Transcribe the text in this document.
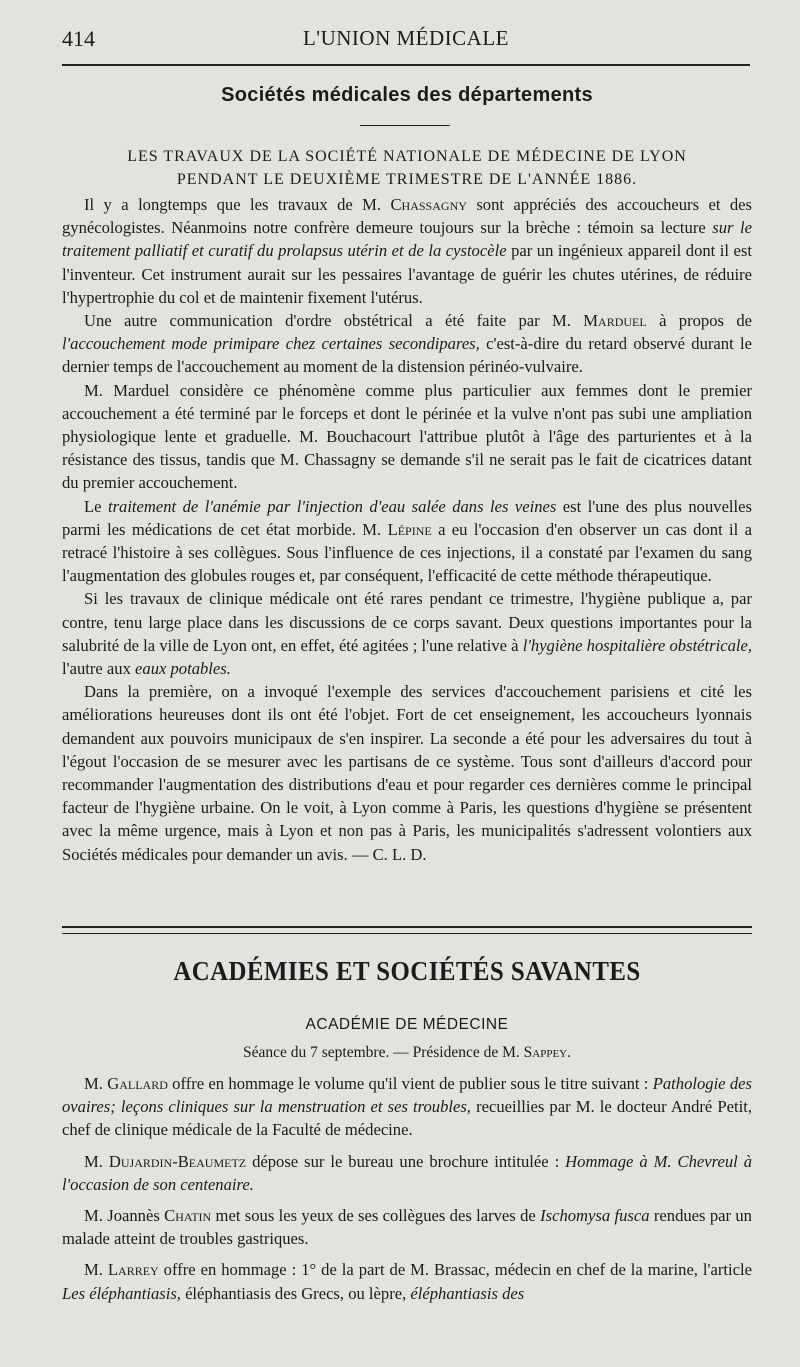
414	L'UNION MÉDICALE
Sociétés médicales des départements
LES TRAVAUX DE LA SOCIÉTÉ NATIONALE DE MÉDECINE DE LYON
PENDANT LE DEUXIÈME TRIMESTRE DE L'ANNÉE 1886.

Il y a longtemps que les travaux de M. Chassagny sont appréciés des accoucheurs et des gynécologistes. Néanmoins notre confrère demeure toujours sur la brèche : témoin sa lecture sur le traitement palliatif et curatif du prolapsus utérin et de la cystocèle par un ingénieux appareil dont il est l'inventeur. Cet instrument aurait sur les pessaires l'avantage de guérir les chutes utérines, de réduire l'hypertrophie du col et de maintenir fixement l'utérus.

Une autre communication d'ordre obstétrical a été faite par M. Marduel à propos de l'accouchement mode primipare chez certaines secondipares, c'est-à-dire du retard observé durant le dernier temps de l'accouchement au moment de la distension périnéo-vulvaire.

M. Marduel considère ce phénomène comme plus particulier aux femmes dont le premier accouchement a été terminé par le forceps et dont le périnée et la vulve n'ont pas subi une ampliation physiologique lente et graduelle. M. Bouchacourt l'attribue plutôt à l'âge des parturientes et à la résistance des tissus, tandis que M. Chassagny se demande s'il ne serait pas le fait de cicatrices datant du premier accouchement.

Le traitement de l'anémie par l'injection d'eau salée dans les veines est l'une des plus nouvelles parmi les médications de cet état morbide. M. Lépine a eu l'occasion d'en observer un cas dont il a retracé l'histoire à ses collègues. Sous l'influence de ces injections, il a constaté par l'examen du sang l'augmentation des globules rouges et, par conséquent, l'efficacité de cette méthode thérapeutique.

Si les travaux de clinique médicale ont été rares pendant ce trimestre, l'hygiène publique a, par contre, tenu large place dans les discussions de ce corps savant. Deux questions importantes pour la salubrité de la ville de Lyon ont, en effet, été agitées ; l'une relative à l'hygiène hospitalière obstétricale, l'autre aux eaux potables.

Dans la première, on a invoqué l'exemple des services d'accouchement parisiens et cité les améliorations heureuses dont ils ont été l'objet. Fort de cet enseignement, les accoucheurs lyonnais demandent aux pouvoirs municipaux de s'en inspirer. La seconde a été pour les adversaires du tout à l'égout l'occasion de se mesurer avec les partisans de ce système. Tous sont d'ailleurs d'accord pour recommander l'augmentation des distributions d'eau et pour regarder ces dernières comme le principal facteur de l'hygiène urbaine. On le voit, à Lyon comme à Paris, les questions d'hygiène se présentent avec la même urgence, mais à Lyon et non pas à Paris, les municipalités s'adressent volontiers aux Sociétés médicales pour demander un avis. — C. L. D.

ACADÉMIES ET SOCIÉTÉS SAVANTES
ACADÉMIE DE MÉDECINE
Séance du 7 septembre. — Présidence de M. Sappey.

M. Gallard offre en hommage le volume qu'il vient de publier sous le titre suivant : Pathologie des ovaires; leçons cliniques sur la menstruation et ses troubles, recueillies par M. le docteur André Petit, chef de clinique médicale de la Faculté de médecine.

M. Dujardin-Beaumetz dépose sur le bureau une brochure intitulée : Hommage à M. Chevreul à l'occasion de son centenaire.

M. Joannès Chatin met sous les yeux de ses collègues des larves de Ischomysa fusca rendues par un malade atteint de troubles gastriques.

M. Larrey offre en hommage : 1° de la part de M. Brassac, médecin en chef de la marine, l'article Les éléphantiasis, éléphantiasis des Grecs, ou lèpre, éléphantiasis des
